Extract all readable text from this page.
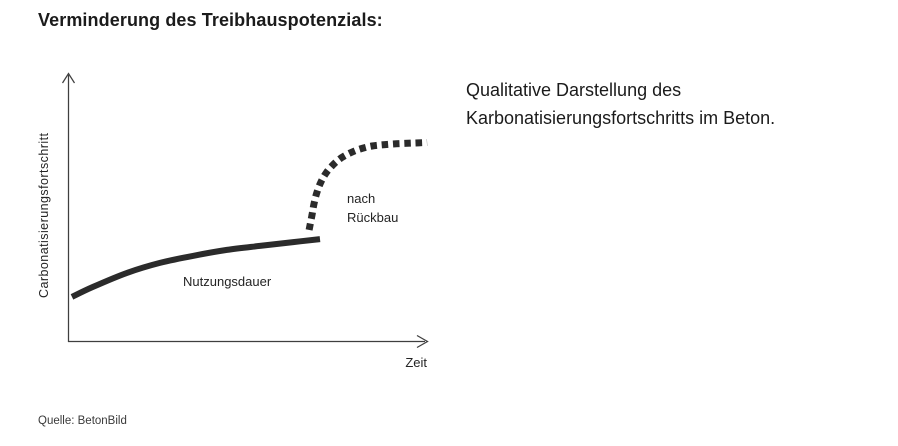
Verminderung des Treibhauspotenzials:
Carbonatisierungsfortschritt
Zeit
Nutzungsdauer
nach Rückbau
Qualitative Darstellung des
Karbonatisierungsfortschritts im Beton.
Quelle: BetonBild
